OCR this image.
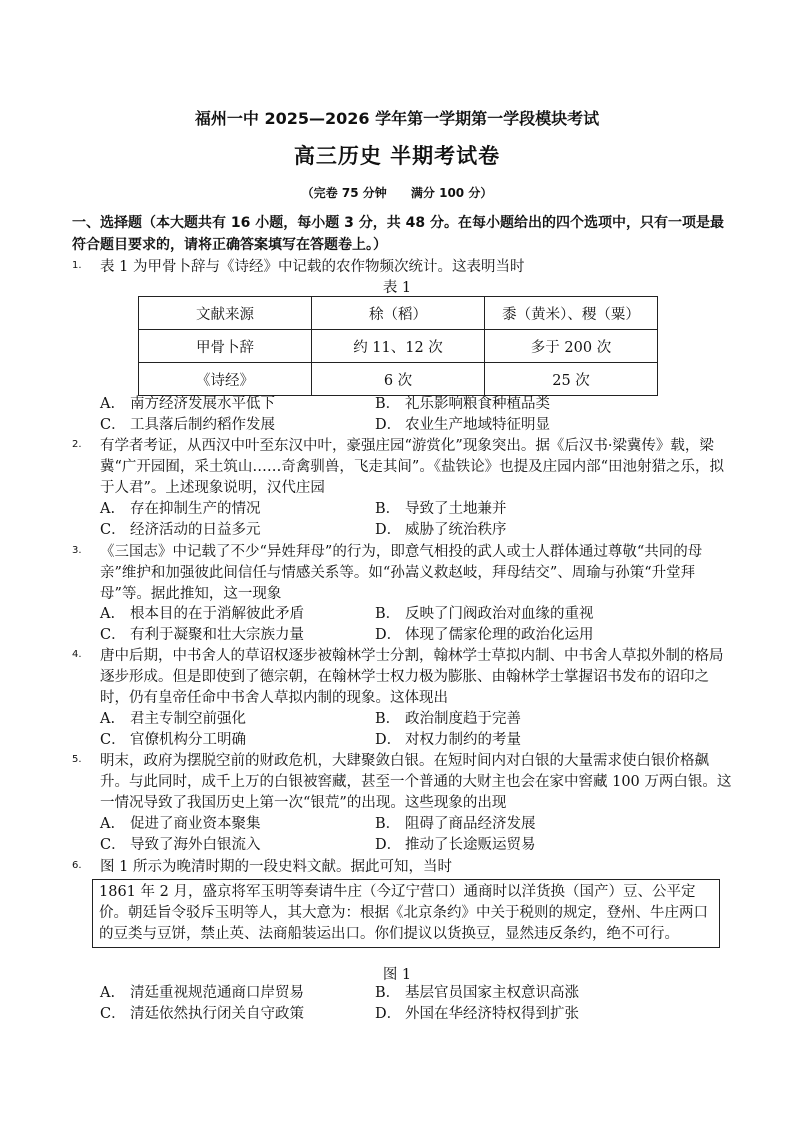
福州一中 2025—2026 学年第一学期第一学段模块考试
高三历史 半期考试卷
（完卷 75 分钟 满分 100 分）
一、选择题（本大题共有 16 小题，每小题 3 分，共 48 分。在每小题给出的四个选项中，只有一项是最符合题目要求的，请将正确答案填写在答题卷上。）
1. 表 1 为甲骨卜辞与《诗经》中记载的农作物频次统计。这表明当时
表 1
文献来源	稌（稻）	黍（黄米）、稷（粟）
甲骨卜辞	约 11、12 次	多于 200 次
《诗经》	6 次	25 次
A. 南方经济发展水平低下	B． 礼乐影响粮食种植品类
C． 工具落后制约稻作发展	D． 农业生产地域特征明显
2. 有学者考证，从西汉中叶至东汉中叶，豪强庄园“游赏化”现象突出。据《后汉书·梁冀传》载，梁冀“广开园囿，采土筑山……奇禽驯兽，飞走其间”。《盐铁论》也提及庄园内部“田池射猎之乐，拟于人君”。上述现象说明，汉代庄园
A. 存在抑制生产的情况	B． 导致了土地兼并
C． 经济活动的日益多元	D． 威胁了统治秩序
3. 《三国志》中记载了不少“异姓拜母”的行为，即意气相投的武人或士人群体通过尊敬“共同的母亲”维护和加强彼此间信任与情感关系等。如“孙嵩义救赵岐，拜母结交”、周瑜与孙策“升堂拜母”等。据此推知，这一现象
A. 根本目的在于消解彼此矛盾	B． 反映了门阀政治对血缘的重视
C． 有利于凝聚和壮大宗族力量	D． 体现了儒家伦理的政治化运用
4. 唐中后期，中书舍人的草诏权逐步被翰林学士分割，翰林学士草拟内制、中书舍人草拟外制的格局逐步形成。但是即使到了德宗朝，在翰林学士权力极为膨胀、由翰林学士掌握诏书发布的诏印之时，仍有皇帝任命中书舍人草拟内制的现象。这体现出
A. 君主专制空前强化	B． 政治制度趋于完善
C． 官僚机构分工明确	D． 对权力制约的考量
5. 明末，政府为摆脱空前的财政危机，大肆聚敛白银。在短时间内对白银的大量需求使白银价格飙升。与此同时，成千上万的白银被窖藏，甚至一个普通的大财主也会在家中窖藏 100 万两白银。这一情况导致了我国历史上第一次“银荒”的出现。这些现象的出现
A. 促进了商业资本聚集	B． 阻碍了商品经济发展
C． 导致了海外白银流入	D． 推动了长途贩运贸易
6. 图 1 所示为晚清时期的一段史料文献。据此可知，当时
1861 年 2 月，盛京将军玉明等奏请牛庄（今辽宁营口）通商时以洋货换（国产）豆、公平定价。朝廷旨令驳斥玉明等人，其大意为：根据《北京条约》中关于税则的规定，登州、牛庄两口的豆类与豆饼，禁止英、法商船装运出口。你们提议以货换豆，显然违反条约，绝不可行。
图 1
A. 清廷重视规范通商口岸贸易	B． 基层官员国家主权意识高涨
C． 清廷依然执行闭关自守政策	D． 外国在华经济特权得到扩张
